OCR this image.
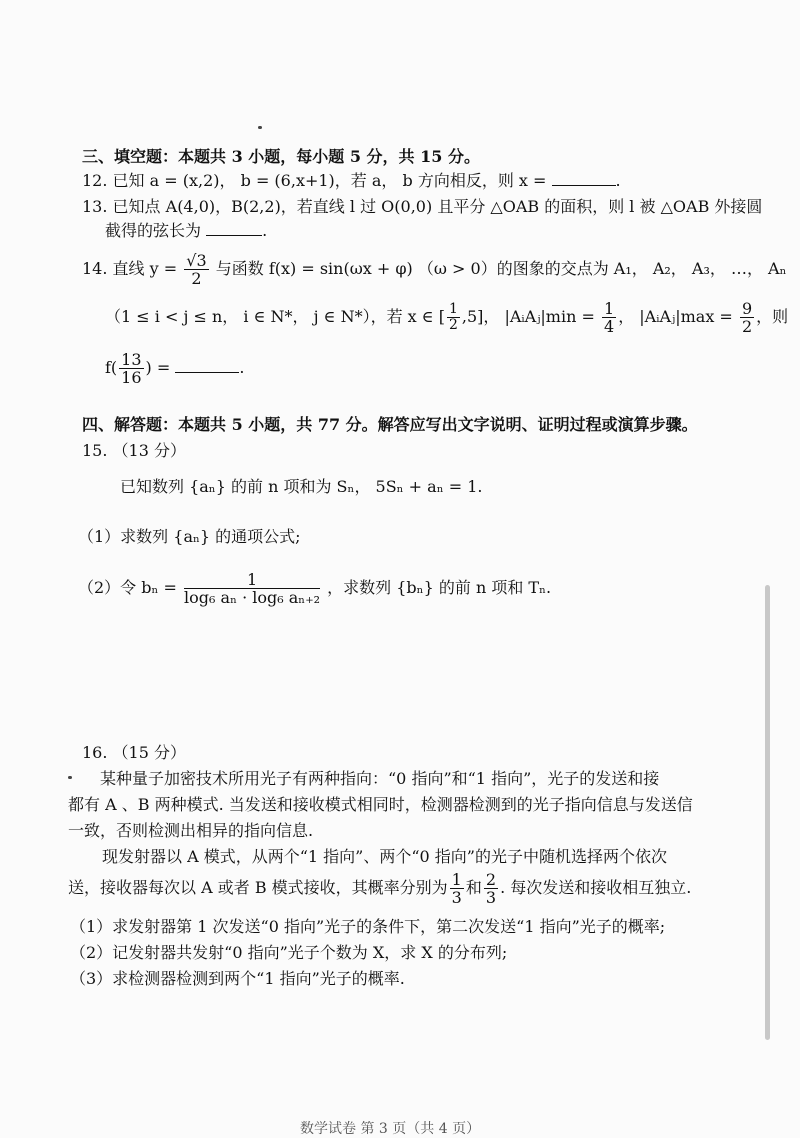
三、填空题：本题共 3 小题，每小题 5 分，共 15 分。
12. 已知 a = (x,2)， b = (6,x+1)，若 a， b 方向相反，则 x =	.
13. 已知点 A(4,0)，B(2,2)，若直线 l 过 O(0,0) 且平分 △OAB 的面积，则 l 被 △OAB 外接圆
截得的弦长为	.
14. 直线 $y = \frac{√3}{2}$ 与函数 f(x) = sin(ωx + φ) （ω > 0）的图象的交点为 A₁， A₂， A₃， …， Aₙ
（1 ≤ i < j ≤ n， i ∈ N*， j ∈ N*），若 x ∈ [ $\frac{1}{2} ,5$]， |AᵢAⱼ|min = $\frac{1}{4}$ ， |AᵢAⱼ|max = $\frac{9}{2}$ ，则
$f( \frac{13}{16}$ ) =	.
四、解答题：本题共 5 小题，共 77 分。解答应写出文字说明、证明过程或演算步骤。
15. （13 分）
已知数列 {aₙ} 的前 n 项和为 Sₙ， 5Sₙ + aₙ = 1.
（1）求数列 {aₙ} 的通项公式;
（2）令 $b_n = \frac{1}{\text{log₆ aₙ · log₆ aₙ₊₂}}$ ，求数列 {bₙ} 的前 n 项和 Tₙ.
16. （15 分）
某种量子加密技术所用光子有两种指向：“0 指向”和“1 指向”，光子的发送和接
都有 A 、B 两种模式. 当发送和接收模式相同时，检测器检测到的光子指向信息与发送信
一致，否则检测出相异的指向信息.
现发射器以 A 模式，从两个“1 指向”、两个“0 指向”的光子中随机选择两个依次
送，接收器每次以 A 或者 B 模式接收，其概率分别为 $\frac{1}{3}$ 和 $\frac{2}{3}$ . 每次发送和接收相互独立.
（1）求发射器第 1 次发送“0 指向”光子的条件下，第二次发送“1 指向”光子的概率;
（2）记发射器共发射“0 指向”光子个数为 X，求 X 的分布列;
（3）求检测器检测到两个“1 指向”光子的概率.
数学试卷 第 3 页（共 4 页）
